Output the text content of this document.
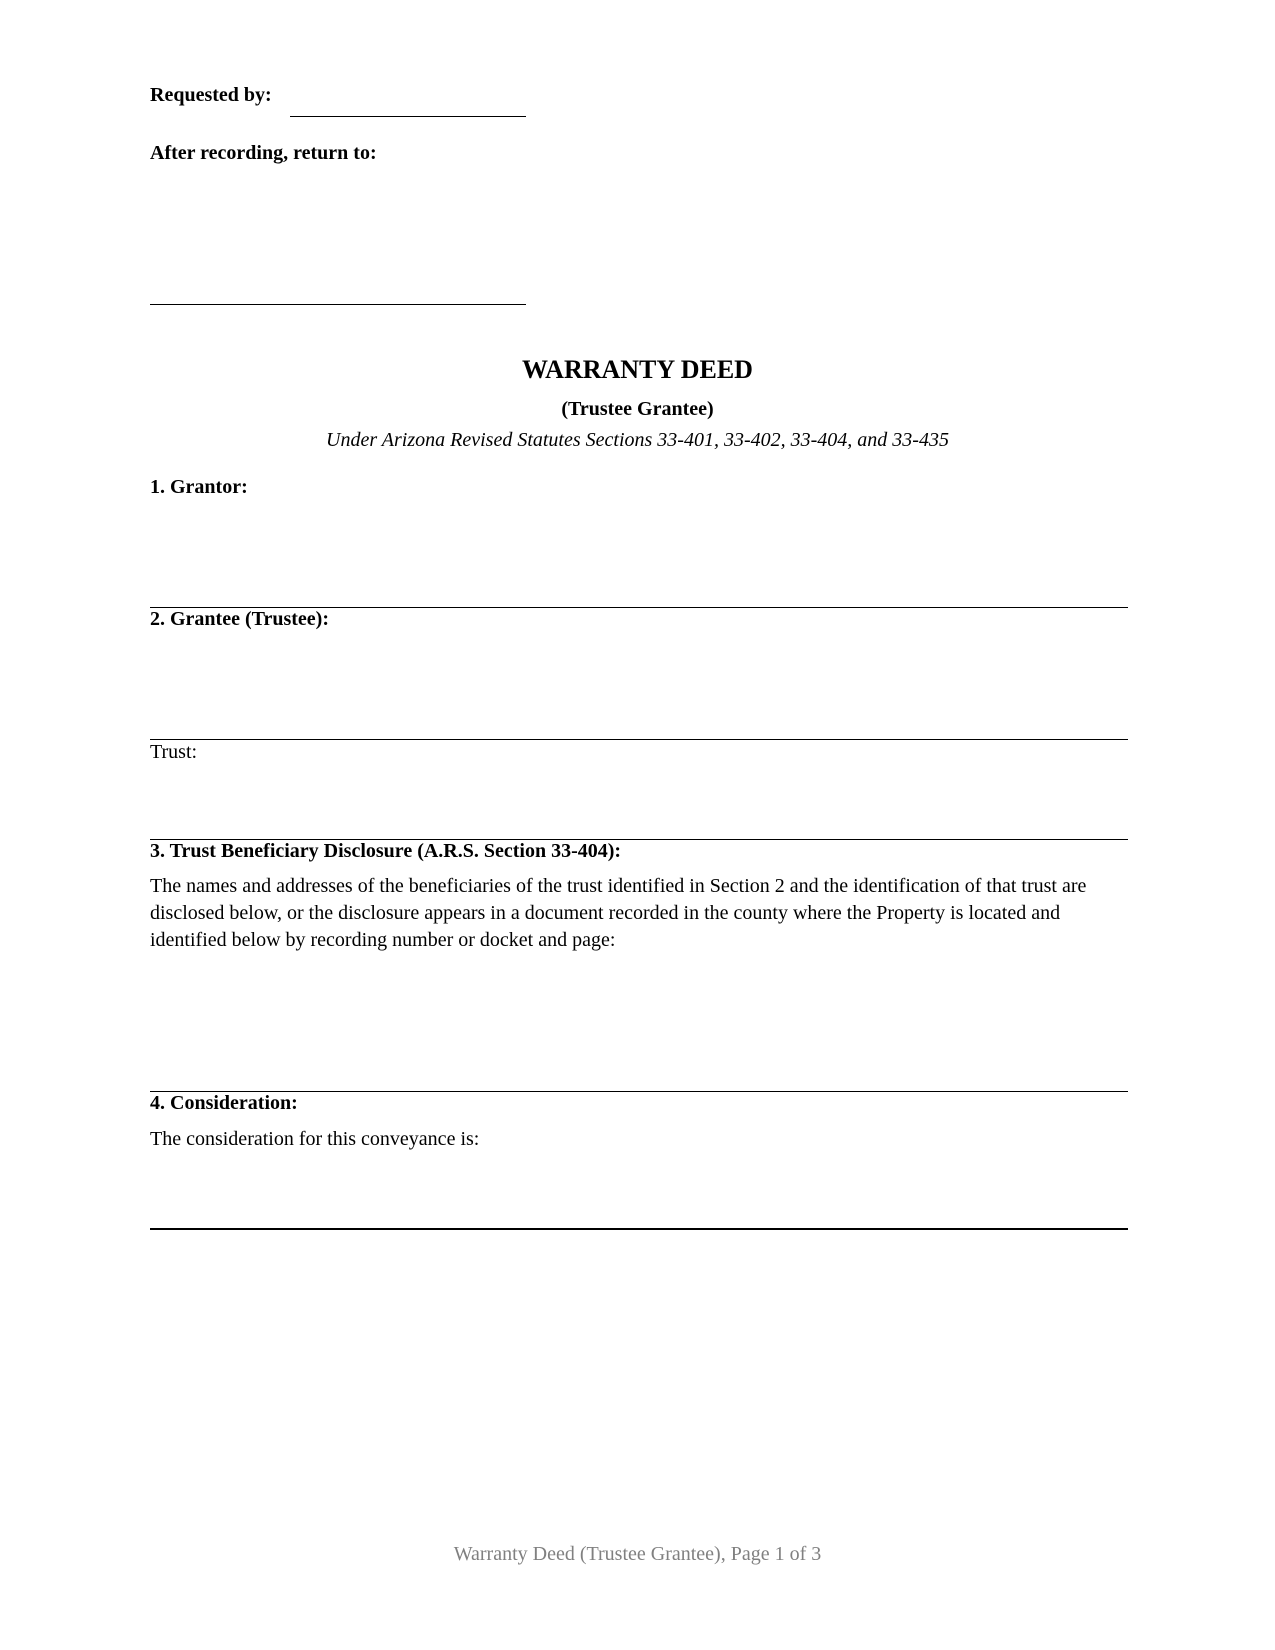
Requested by:
After recording, return to:
WARRANTY DEED
(Trustee Grantee)
Under Arizona Revised Statutes Sections 33-401, 33-402, 33-404, and 33-435
1. Grantor:
2. Grantee (Trustee):
Trust:
3. Trust Beneficiary Disclosure (A.R.S. Section 33-404):
The names and addresses of the beneficiaries of the trust identified in Section 2 and the identification of that trust are disclosed below, or the disclosure appears in a document recorded in the county where the Property is located and identified below by recording number or docket and page:
4. Consideration:
The consideration for this conveyance is:
Warranty Deed (Trustee Grantee), Page 1 of 3
